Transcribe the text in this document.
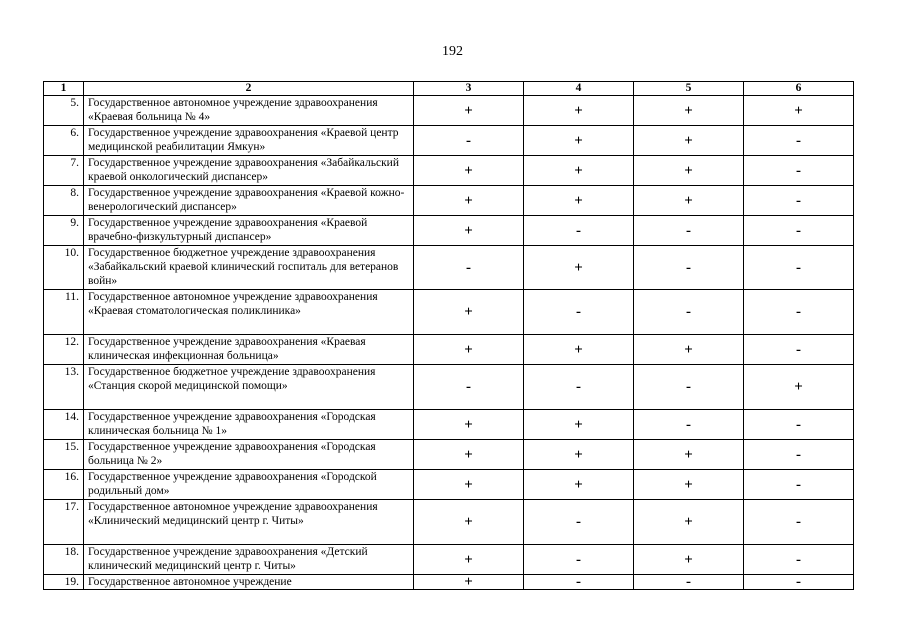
192
1	2	3	4	5	6
5.	Государственное автономное учреждение здравоохранения «Краевая больница № 4»	+	+	+	+
6.	Государственное учреждение здравоохранения «Краевой центр медицинской реабилитации Ямкун»	-	+	+	-
7.	Государственное учреждение здравоохранения «Забайкальский краевой онкологический диспансер»	+	+	+	-
8.	Государственное учреждение здравоохранения «Краевой кожно-венерологический диспансер»	+	+	+	-
9.	Государственное учреждение здравоохранения «Краевой врачебно-физкультурный диспансер»	+	-	-	-
10.	Государственное бюджетное учреждение здравоохранения «Забайкальский краевой клинический госпиталь для ветеранов войн»	-	+	-	-
11.	Государственное автономное учреждение здравоохранения «Краевая стоматологическая поликлиника»	+	-	-	-
12.	Государственное учреждение здравоохранения «Краевая клиническая инфекционная больница»	+	+	+	-
13.	Государственное бюджетное учреждение здравоохранения «Станция скорой медицинской помощи»	-	-	-	+
14.	Государственное учреждение здравоохранения «Городская клиническая больница № 1»	+	+	-	-
15.	Государственное учреждение здравоохранения «Городская больница № 2»	+	+	+	-
16.	Государственное учреждение здравоохранения «Городской родильный дом»	+	+	+	-
17.	Государственное автономное учреждение здравоохранения «Клинический медицинский центр г. Читы»	+	-	+	-
18.	Государственное учреждение здравоохранения «Детский клинический медицинский центр г. Читы»	+	-	+	-
19.	Государственное автономное учреждение	+	-	-	-
